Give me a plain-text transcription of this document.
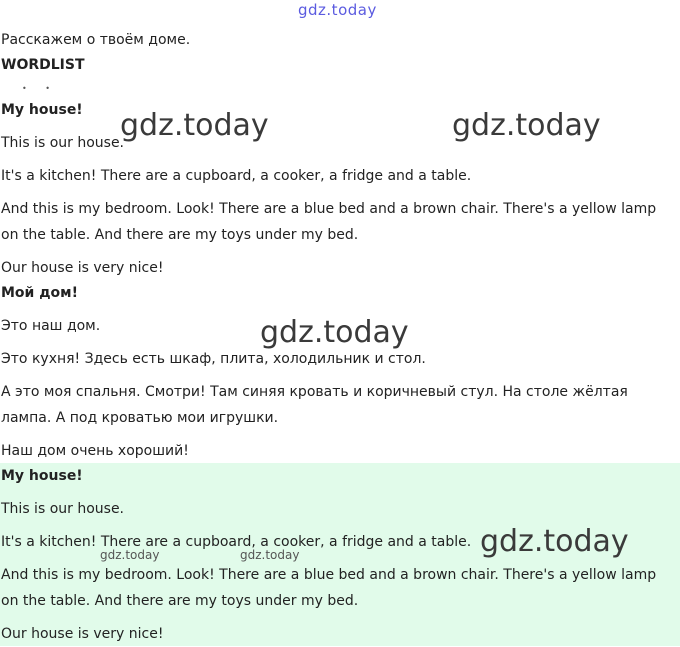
gdz.today
Расскажем о твоём доме.
WORDLIST
• •
My house!
This is our house.
It's a kitchen! There are a cupboard, a cooker, a fridge and a table.
And this is my bedroom. Look! There are a blue bed and a brown chair. There's a yellow lamp
on the table. And there are my toys under my bed.
Our house is very nice!
Мой дом!
Это наш дом.
Это кухня! Здесь есть шкаф, плита, холодильник и стол.
А это моя спальня. Смотри! Там синяя кровать и коричневый стул. На столе жёлтая
лампа. А под кроватью мои игрушки.
Наш дом очень хороший!
My house!
This is our house.
It's a kitchen! There are a cupboard, a cooker, a fridge and a table.
And this is my bedroom. Look! There are a blue bed and a brown chair. There's a yellow lamp
on the table. And there are my toys under my bed.
Our house is very nice!
gdz.today	gdz.today
gdz.today
gdz.today
gdz.today	gdz.today
